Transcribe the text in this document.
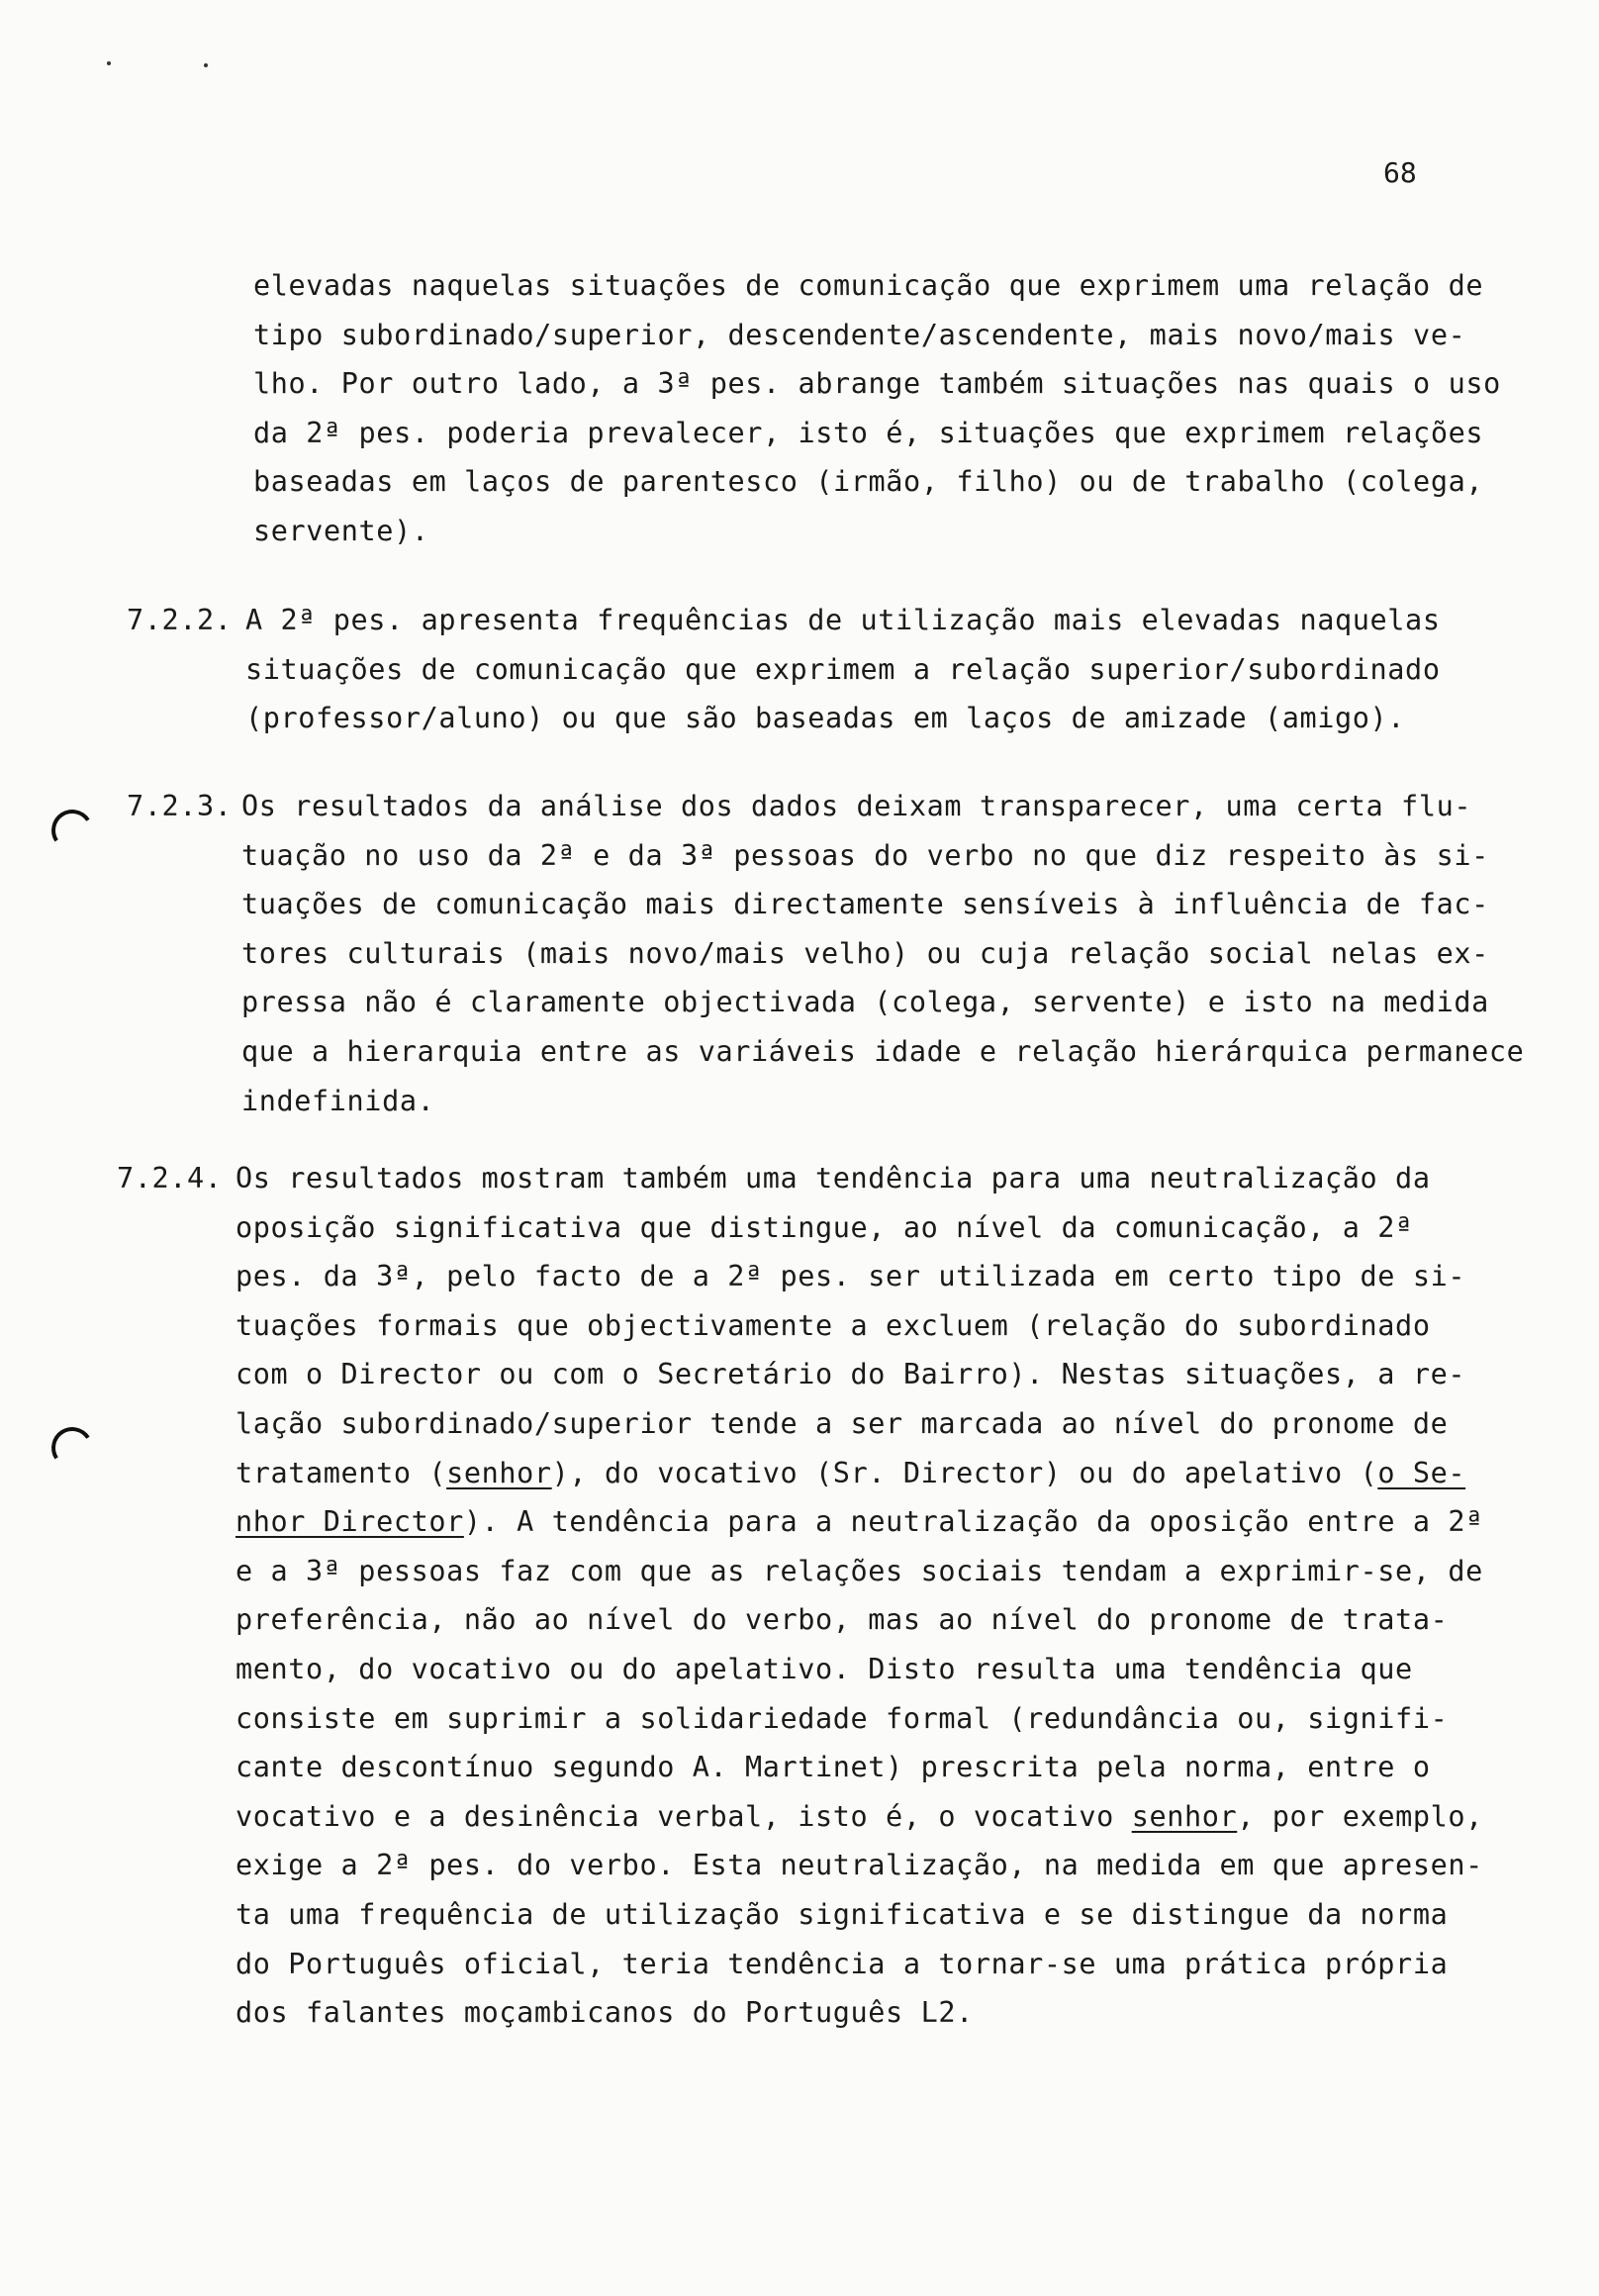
68

elevadas naquelas situações de comunicação que exprimem uma relação de

tipo subordinado/superior, descendente/ascendente, mais novo/mais ve-

lho. Por outro lado, a 3ª pes. abrange também situações nas quais o uso

da 2ª pes. poderia prevalecer, isto é, situações que exprimem relações

baseadas em laços de parentesco (irmão, filho) ou de trabalho (colega,

servente).

7.2.2. A 2ª pes. apresenta frequências de utilização mais elevadas naquelas

situações de comunicação que exprimem a relação superior/subordinado

(professor/aluno) ou que são baseadas em laços de amizade (amigo).

7.2.3. Os resultados da análise dos dados deixam transparecer, uma certa flu-

tuação no uso da 2ª e da 3ª pessoas do verbo no que diz respeito às si-

tuações de comunicação mais directamente sensíveis à influência de fac-

tores culturais (mais novo/mais velho) ou cuja relação social nelas ex-

pressa não é claramente objectivada (colega, servente) e isto na medida

que a hierarquia entre as variáveis idade e relação hierárquica permanece

indefinida.

7.2.4. Os resultados mostram também uma tendência para uma neutralização da

oposição significativa que distingue, ao nível da comunicação, a 2ª

pes. da 3ª, pelo facto de a 2ª pes. ser utilizada em certo tipo de si-

tuações formais que objectivamente a excluem (relação do subordinado

com o Director ou com o Secretário do Bairro). Nestas situações, a re-

lação subordinado/superior tende a ser marcada ao nível do pronome de

tratamento (senhor), do vocativo (Sr. Director) ou do apelativo (o Se-

nhor Director). A tendência para a neutralização da oposição entre a 2ª

e a 3ª pessoas faz com que as relações sociais tendam a exprimir-se, de

preferência, não ao nível do verbo, mas ao nível do pronome de trata-

mento, do vocativo ou do apelativo. Disto resulta uma tendência que

consiste em suprimir a solidariedade formal (redundância ou, signifi-

cante descontínuo segundo A. Martinet) prescrita pela norma, entre o

vocativo e a desinência verbal, isto é, o vocativo senhor, por exemplo,

exige a 2ª pes. do verbo. Esta neutralização, na medida em que apresen-

ta uma frequência de utilização significativa e se distingue da norma

do Português oficial, teria tendência a tornar-se uma prática própria

dos falantes moçambicanos do Português L2.
